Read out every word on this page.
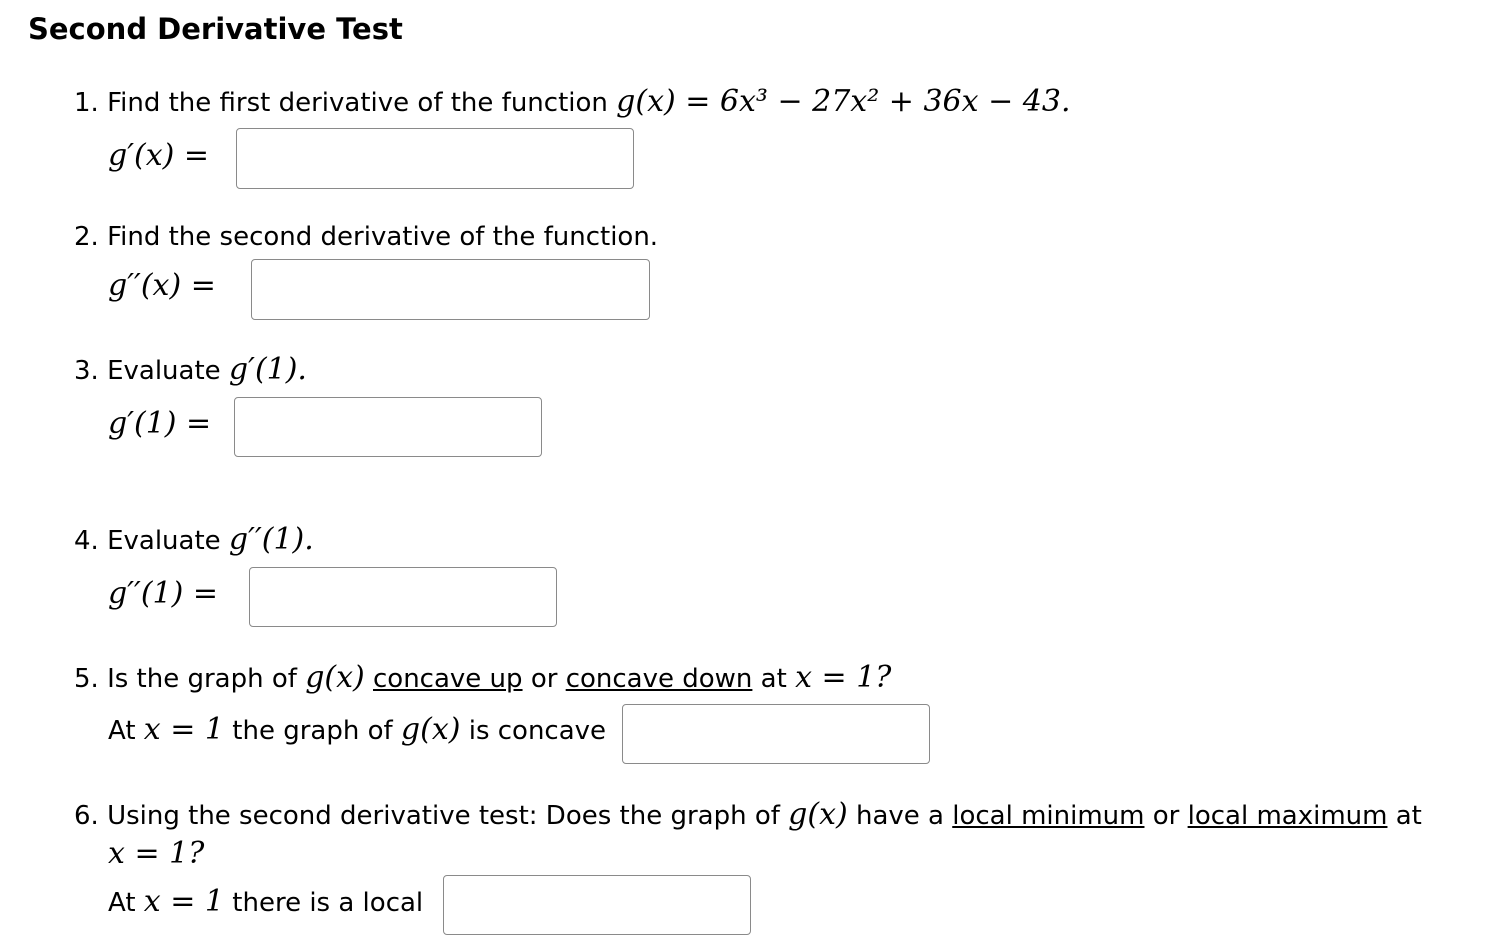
Second Derivative Test
1. Find the first derivative of the function g(x) = 6x³ − 27x² + 36x − 43.
g′(x) =
2. Find the second derivative of the function.
g′′(x) =
3. Evaluate g′(1).
g′(1) =
4. Evaluate g′′(1).
g′′(1) =
5. Is the graph of g(x) concave up or concave down at x = 1?
At x = 1 the graph of g(x) is concave
6. Using the second derivative test: Does the graph of g(x) have a local minimum or local maximum at
x = 1?
At x = 1 there is a local
